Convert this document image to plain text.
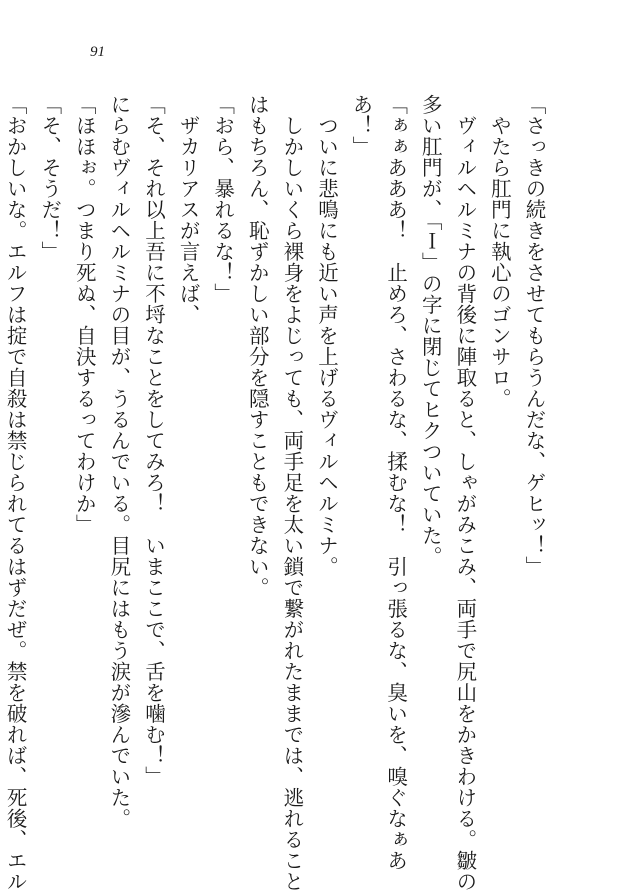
91
「さっきの続きをさせてもらうんだな、ゲヒッ！」
　やたら肛門に執心のゴンサロ。
　ヴィルヘルミナの背後に陣取ると、しゃがみこみ、両手で尻山をかきわける。皺の
多い肛門が、「Ｉ」の字に閉じてヒクついていた。
「ぁぁあああ！　止めろ、さわるな、揉むな！　引っ張るな、臭いを、嗅ぐなぁあ
あ！」
　ついに悲鳴にも近い声を上げるヴィルヘルミナ。
　しかしいくら裸身をよじっても、両手足を太い鎖で繋がれたままでは、逃れること
はもちろん、恥ずかしい部分を隠すこともできない。
「おら、暴れるな！」
　ザカリアスが言えば、
「そ、それ以上吾に不埒なことをしてみろ！　いまここで、舌を噛む！」
にらむヴィルヘルミナの目が、うるんでいる。目尻にはもう涙が滲んでいた。
「ほほぉ。つまり死ぬ、自決するってわけか」
「そ、そうだ！」
「おかしいな。エルフは掟で自殺は禁じられてるはずだぜ。禁を破れば、死後、エル
